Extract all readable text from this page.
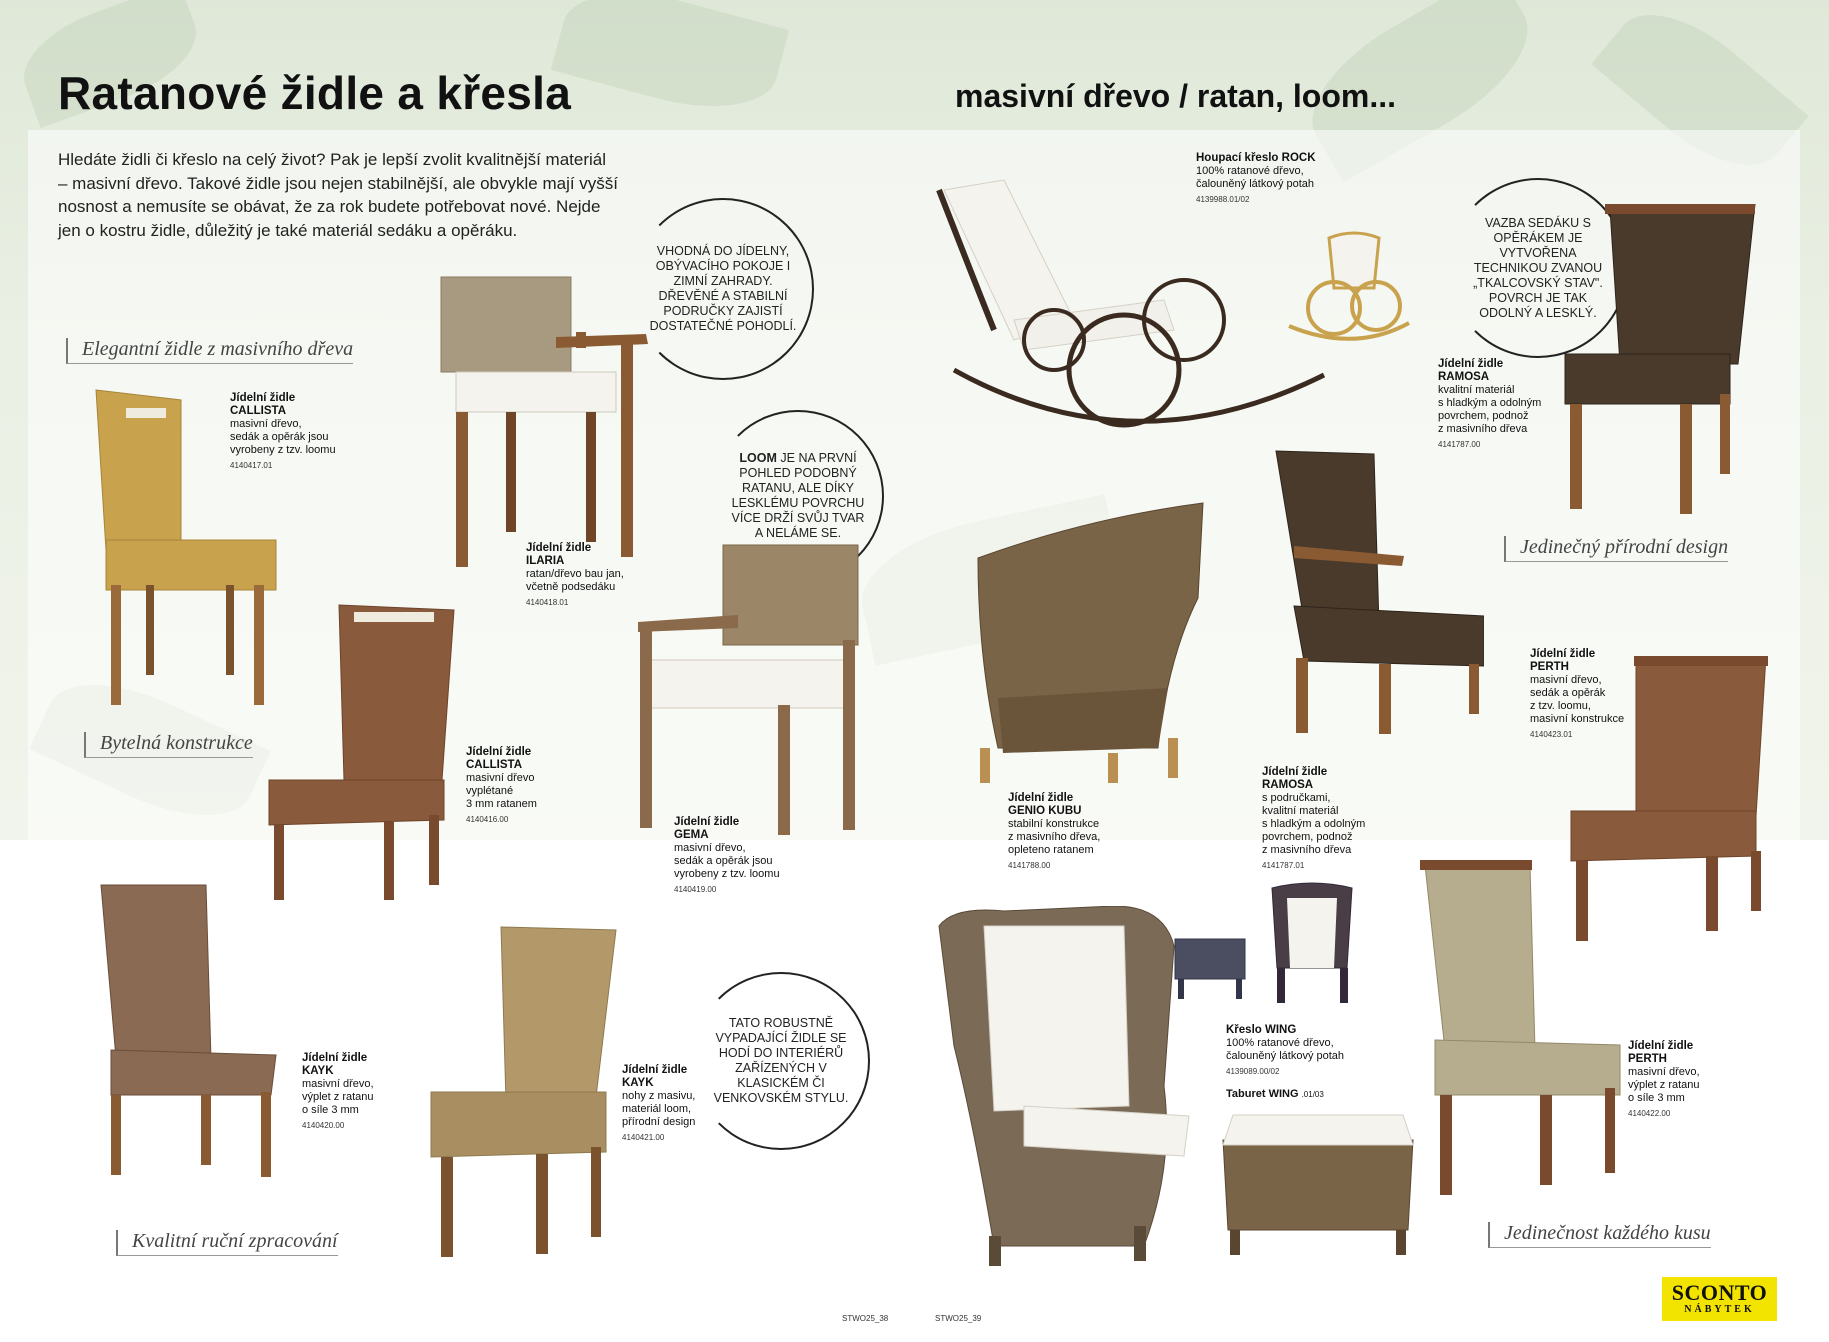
Ratanové židle a křesla	masivní dřevo / ratan, loom...
Hledáte židli či křeslo na celý život? Pak je lepší zvolit kvalitnější materiál – masivní dřevo. Takové židle jsou nejen stabilnější, ale obvykle mají vyšší nosnost a nemusíte se obávat, že za rok budete potřebovat nové. Nejde jen o kostru židle, důležitý je také materiál sedáku a opěráku.
Elegantní židle z masivního dřeva
Bytelná konstrukce
Kvalitní ruční zpracování
Jedinečný přírodní design
Jedinečnost každého kusu
VHODNÁ DO JÍDELNY, OBÝVACÍHO POKOJE I ZIMNÍ ZAHRADY. DŘEVĚNÉ A STABILNÍ PODRUČKY ZAJISTÍ DOSTATEČNÉ POHODLÍ.
LOOM JE NA PRVNÍ POHLED PODOBNÝ RATANU, ALE DÍKY LESKLÉMU POVRCHU VÍCE DRŽÍ SVŮJ TVAR A NELÁME SE.
VAZBA SEDÁKU S OPĚRÁKEM JE VYTVOŘENA TECHNIKOU ZVANOU „TKALCOVSKÝ STAV". POVRCH JE TAK ODOLNÝ A LESKLÝ.
TATO ROBUSTNĚ VYPADAJÍCÍ ŽIDLE SE HODÍ DO INTERIÉRŮ ZAŘÍZENÝCH V KLASICKÉM ČI VENKOVSKÉM STYLU.
Jídelní židle
CALLISTA
masivní dřevo,
sedák a opěrák jsou
vyrobeny z tzv. loomu
4140417.01
Jídelní židle
ILARIA
ratan/dřevo bau jan,
včetně podsedáku
4140418.01
Jídelní židle
CALLISTA
masivní dřevo
vyplétané
3 mm ratanem
4140416.00	Jídelní židle
GEMA
masivní dřevo,
sedák a opěrák jsou
vyrobeny z tzv. loomu
4140419.00
Houpací křeslo ROCK
100% ratanové dřevo,
čalouněný látkový potah
4139988.01/02
Jídelní židle
RAMOSA
kvalitní materiál
s hladkým a odolným
povrchem, podnož
z masivního dřeva
4141787.00
Jídelní židle
GENIO KUBU
stabilní konstrukce
z masivního dřeva,
opleteno ratanem
4141788.00
Jídelní židle
RAMOSA
s područkami,
kvalitní materiál
s hladkým a odolným
povrchem, podnož
z masivního dřeva
4141787.01
Jídelní židle
PERTH
masivní dřevo,
sedák a opěrák
z tzv. loomu,
masivní konstrukce
4140423.01
Jídelní židle
KAYK
masivní dřevo,
výplet z ratanu
o síle 3 mm
4140420.00
Jídelní židle
KAYK
nohy z masivu,
materiál loom,
přírodní design
4140421.00
Křeslo WING
100% ratanové dřevo,
čalouněný látkový potah
4139089.00/02
Taburet WING .01/03
Jídelní židle
PERTH
masivní dřevo,
výplet z ratanu
o síle 3 mm
4140422.00
STWO25_38	STWO25_39
SCONTO
NÁBYTEK
